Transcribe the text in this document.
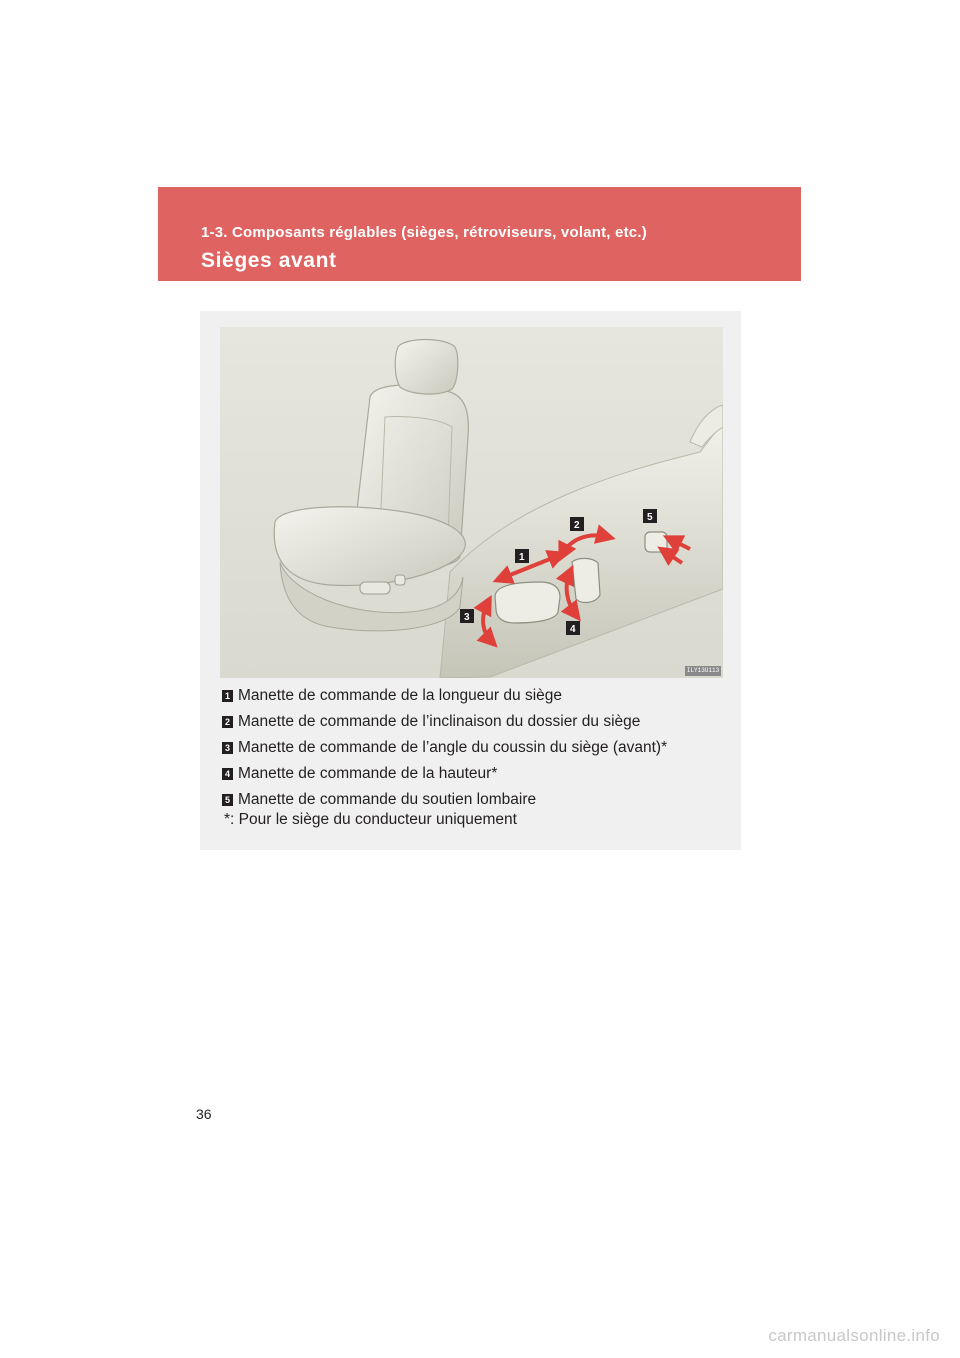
1-3. Composants réglables (sièges, rétroviseurs, volant, etc.)
Sièges avant
1
2
3
4
5
ILY13U113
1 Manette de commande de la longueur du siège
2 Manette de commande de l’inclinaison du dossier du siège
3 Manette de commande de l’angle du coussin du siège (avant)*
4 Manette de commande de la hauteur*
5 Manette de commande du soutien lombaire
*: Pour le siège du conducteur uniquement
36
carmanualsonline.info
